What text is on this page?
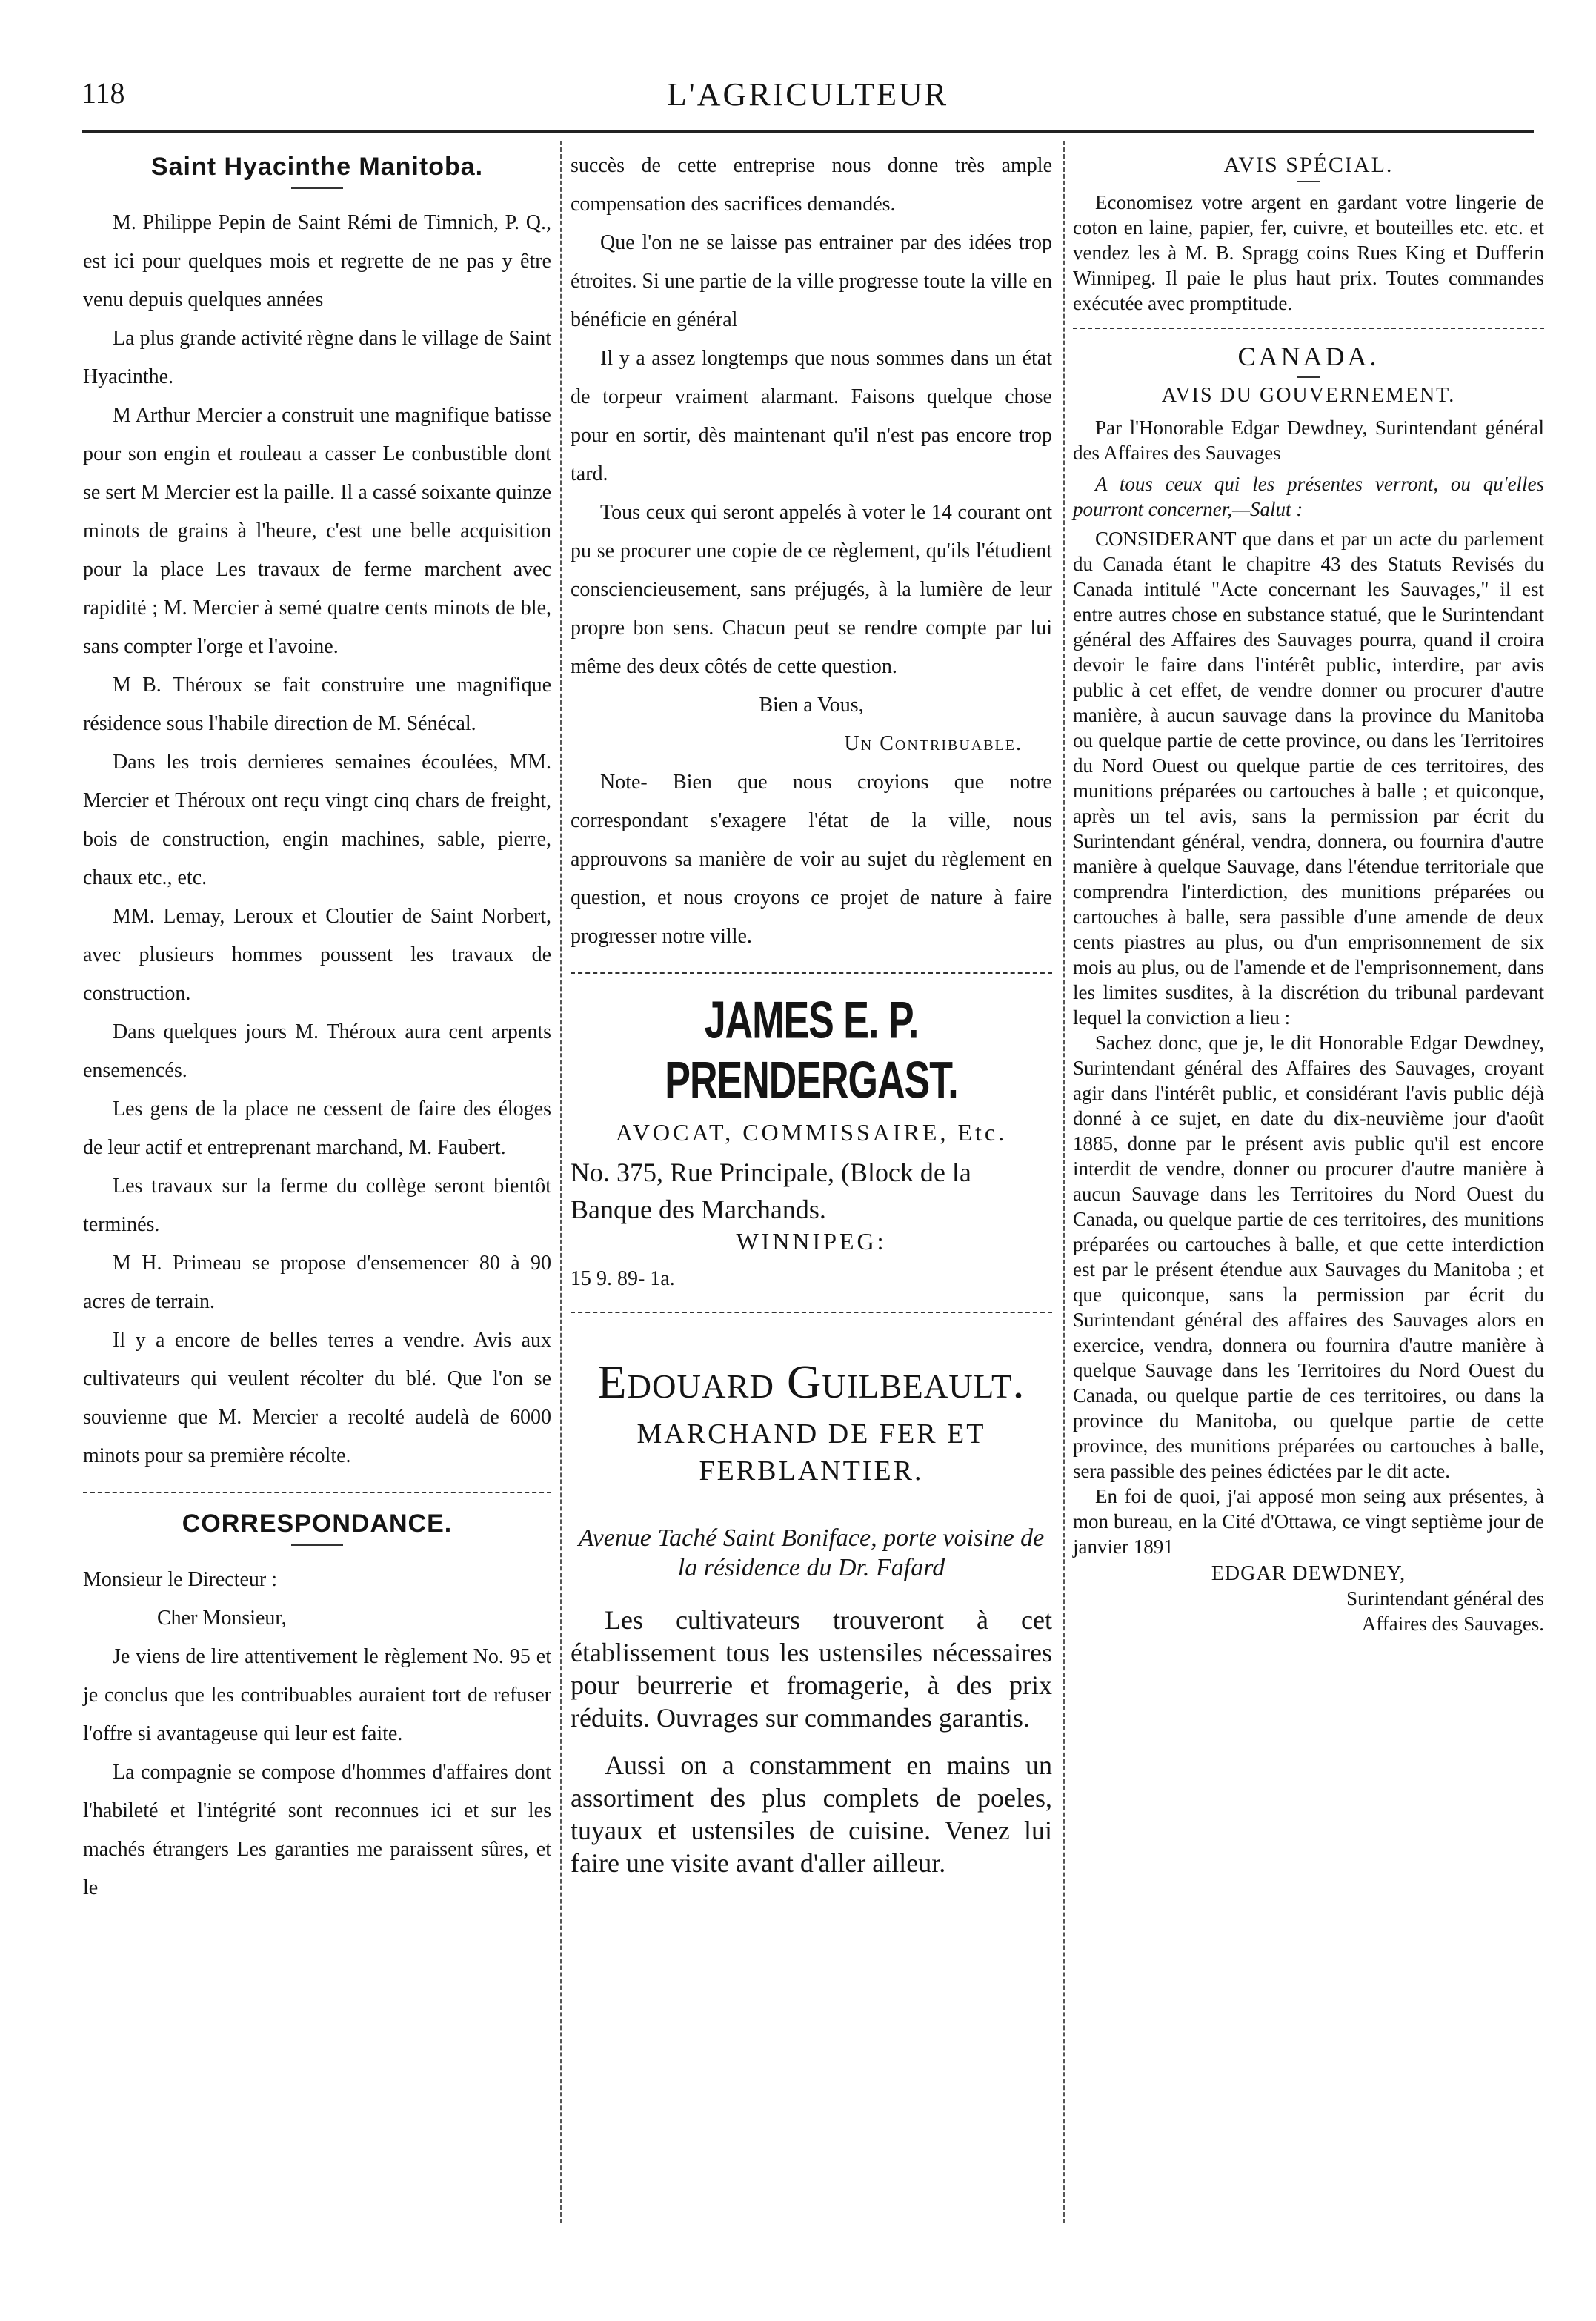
118	L'AGRICULTEUR
Saint Hyacinthe Manitoba.

M. Philippe Pepin de Saint Rémi de Timnich, P. Q., est ici pour quelques mois et regrette de ne pas y être venu depuis quelques années

La plus grande activité règne dans le village de Saint Hyacinthe.

M Arthur Mercier a construit une magnifique batisse pour son engin et rouleau a casser Le conbustible dont se sert M Mercier est la paille. Il a cassé soixante quinze minots de grains à l'heure, c'est une belle acquisition pour la place Les travaux de ferme marchent avec rapidité ; M. Mercier à semé quatre cents minots de ble, sans compter l'orge et l'avoine.

M B. Théroux se fait construire une magnifique résidence sous l'habile direction de M. Sénécal.

Dans les trois dernieres semaines écoulées, MM. Mercier et Théroux ont reçu vingt cinq chars de freight, bois de construction, engin machines, sable, pierre, chaux etc., etc.

MM. Lemay, Leroux et Cloutier de Saint Norbert, avec plusieurs hommes poussent les travaux de construction.

Dans quelques jours M. Théroux aura cent arpents ensemencés.

Les gens de la place ne cessent de faire des éloges de leur actif et entreprenant marchand, M. Faubert.

Les travaux sur la ferme du collège seront bientôt terminés.

M H. Primeau se propose d'ensemencer 80 à 90 acres de terrain.

Il y a encore de belles terres a vendre. Avis aux cultivateurs qui veulent récolter du blé. Que l'on se souvienne que M. Mercier a recolté audelà de 6000 minots pour sa première récolte.

CORRESPONDANCE.

Monsieur le Directeur :

Cher Monsieur,

Je viens de lire attentivement le règlement No. 95 et je conclus que les contribuables auraient tort de refuser l'offre si avantageuse qui leur est faite.

La compagnie se compose d'hommes d'affaires dont l'habileté et l'intégrité sont reconnues ici et sur les machés étrangers Les garanties me paraissent sûres, et le

succès de cette entreprise nous donne très ample compensation des sacrifices demandés.

Que l'on ne se laisse pas entrainer par des idées trop étroites. Si une partie de la ville progresse toute la ville en bénéficie en général

Il y a assez longtemps que nous sommes dans un état de torpeur vraiment alarmant. Faisons quelque chose pour en sortir, dès maintenant qu'il n'est pas encore trop tard.

Tous ceux qui seront appelés à voter le 14 courant ont pu se procurer une copie de ce règlement, qu'ils l'étudient consciencieusement, sans préjugés, à la lumière de leur propre bon sens. Chacun peut se rendre compte par lui même des deux côtés de cette question.

Bien a Vous,
Un Contribuable.

Note- Bien que nous croyions que notre correspondant s'exagere l'état de la ville, nous approuvons sa manière de voir au sujet du règlement en question, et nous croyons ce projet de nature à faire progresser notre ville.

JAMES E. P. PRENDERGAST.
AVOCAT, COMMISSAIRE, Etc.

No. 375, Rue Principale, (Block de la Banque des Marchands.

WINNIPEG:

15 9. 89- 1a.

Edouard Guilbeault.
MARCHAND DE FER ET FERBLANTIER.
Avenue Taché Saint Boniface, porte voisine de la résidence du Dr. Fafard

Les cultivateurs trouveront à cet établissement tous les ustensiles nécessaires pour beurrerie et fromagerie, à des prix réduits. Ouvrages sur commandes garantis.

Aussi on a constamment en mains un assortiment des plus complets de poeles, tuyaux et ustensiles de cuisine. Venez lui faire une visite avant d'aller ailleur.

AVIS SPÉCIAL.

Economisez votre argent en gardant votre lingerie de coton en laine, papier, fer, cuivre, et bouteilles etc. etc. et vendez les à M. B. Spragg coins Rues King et Dufferin Winnipeg. Il paie le plus haut prix. Toutes commandes exécutée avec promptitude.

CANADA.
AVIS DU GOUVERNEMENT.

Par l'Honorable Edgar Dewdney, Surintendant général des Affaires des Sauvages

A tous ceux qui les présentes verront, ou qu'elles pourront concerner,—Salut :

CONSIDERANT que dans et par un acte du parlement du Canada étant le chapitre 43 des Statuts Revisés du Canada intitulé "Acte concernant les Sauvages," il est entre autres chose en substance statué, que le Surintendant général des Affaires des Sauvages pourra, quand il croira devoir le faire dans l'intérêt public, interdire, par avis public à cet effet, de vendre donner ou procurer d'autre manière, à aucun sauvage dans la province du Manitoba ou quelque partie de cette province, ou dans les Territoires du Nord Ouest ou quelque partie de ces territoires, des munitions préparées ou cartouches à balle ; et quiconque, après un tel avis, sans la permission par écrit du Surintendant général, vendra, donnera, ou fournira d'autre manière à quelque Sauvage, dans l'étendue territoriale que comprendra l'interdiction, des munitions préparées ou cartouches à balle, sera passible d'une amende de deux cents piastres au plus, ou d'un emprisonnement de six mois au plus, ou de l'amende et de l'emprisonnement, dans les limites susdites, à la discrétion du tribunal pardevant lequel la conviction a lieu :

Sachez donc, que je, le dit Honorable Edgar Dewdney, Surintendant général des Affaires des Sauvages, croyant agir dans l'intérêt public, et considérant l'avis public déjà donné à ce sujet, en date du dix-neuvième jour d'août 1885, donne par le présent avis public qu'il est encore interdit de vendre, donner ou procurer d'autre manière à aucun Sauvage dans les Territoires du Nord Ouest du Canada, ou quelque partie de ces territoires, des munitions préparées ou cartouches à balle, et que cette interdiction est par le présent étendue aux Sauvages du Manitoba ; et que quiconque, sans la permission par écrit du Surintendant général des affaires des Sauvages alors en exercice, vendra, donnera ou fournira d'autre manière à quelque Sauvage dans les Territoires du Nord Ouest du Canada, ou quelque partie de ces territoires, ou dans la province du Manitoba, ou quelque partie de cette province, des munitions préparées ou cartouches à balle, sera passible des peines édictées par le dit acte.

En foi de quoi, j'ai apposé mon seing aux présentes, à mon bureau, en la Cité d'Ottawa, ce vingt septième jour de janvier 1891

EDGAR DEWDNEY,
Surintendant général des
Affaires des Sauvages.
